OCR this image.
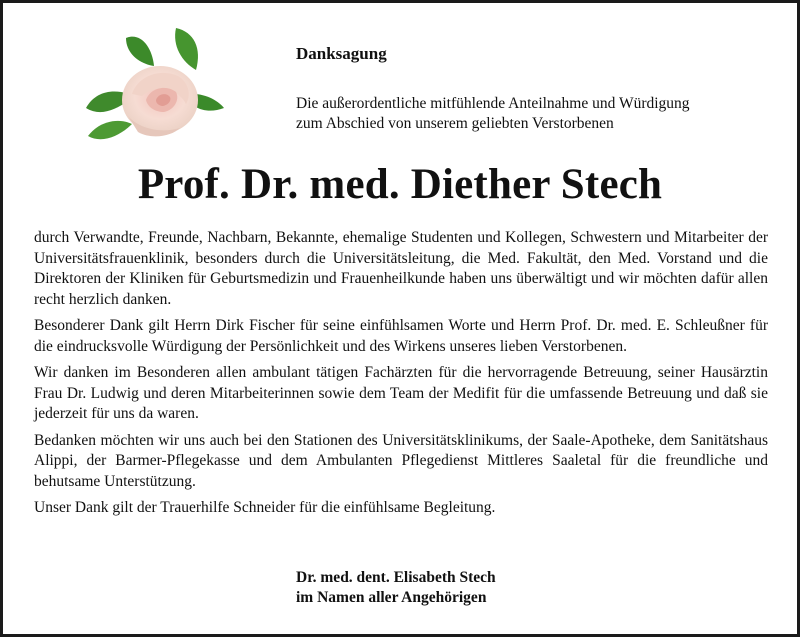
Danksagung
Die außerordentliche mitfühlende Anteilnahme und Würdigung
zum Abschied von unserem geliebten Verstorbenen
Prof. Dr. med. Diether Stech

durch Verwandte, Freunde, Nachbarn, Bekannte, ehemalige Studenten und Kollegen, Schwestern und Mitarbeiter der Universitätsfrauenklinik, besonders durch die Universitätsleitung, die Med. Fakultät, den Med. Vorstand und die Direktoren der Kliniken für Geburtsmedizin und Frauenheilkunde haben uns überwältigt und wir möchten dafür allen recht herzlich danken.

Besonderer Dank gilt Herrn Dirk Fischer für seine einfühlsamen Worte und Herrn Prof. Dr. med. E. Schleußner für die eindrucksvolle Würdigung der Persönlichkeit und des Wirkens unseres lieben Verstorbenen.

Wir danken im Besonderen allen ambulant tätigen Fachärzten für die hervorragende Betreuung, seiner Hausärztin Frau Dr. Ludwig und deren Mitarbeiterinnen sowie dem Team der Medifit für die umfassende Betreuung und daß sie jederzeit für uns da waren.

Bedanken möchten wir uns auch bei den Stationen des Universitätsklinikums, der Saale-Apotheke, dem Sanitätshaus Alippi, der Barmer-Pflegekasse und dem Ambulanten Pflegedienst Mittleres Saaletal für die freundliche und behutsame Unterstützung.

Unser Dank gilt der Trauerhilfe Schneider für die einfühlsame Begleitung.

Dr. med. dent. Elisabeth Stech
im Namen aller Angehörigen
